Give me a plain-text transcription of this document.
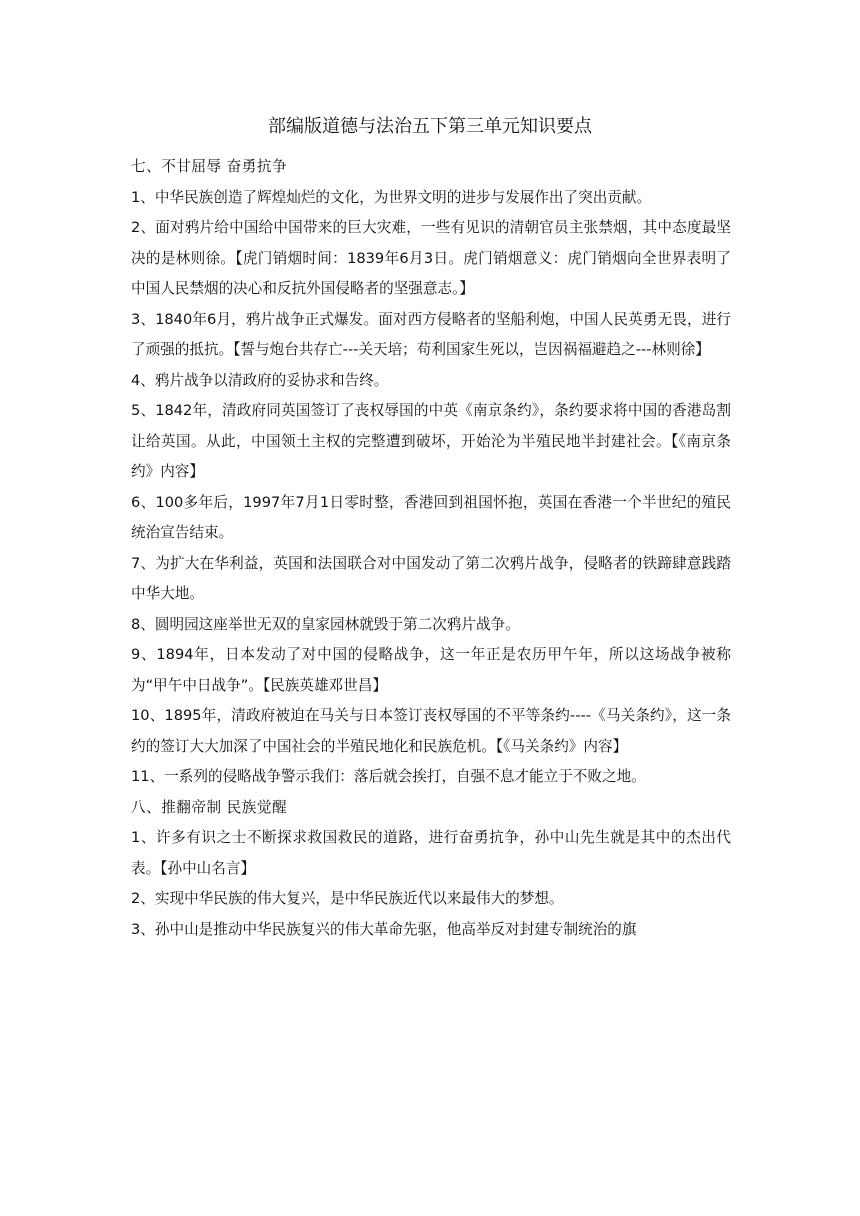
部编版道德与法治五下第三单元知识要点

七、不甘屈辱 奋勇抗争

1、中华民族创造了辉煌灿烂的文化，为世界文明的进步与发展作出了突出贡献。

2、面对鸦片给中国给中国带来的巨大灾难，一些有见识的清朝官员主张禁烟，其中态度最坚决的是林则徐。【虎门销烟时间：1839年6月3日。虎门销烟意义：虎门销烟向全世界表明了中国人民禁烟的决心和反抗外国侵略者的坚强意志。】

3、1840年6月，鸦片战争正式爆发。面对西方侵略者的坚船利炮，中国人民英勇无畏，进行了顽强的抵抗。【誓与炮台共存亡---关天培；苟利国家生死以，岂因祸福避趋之---林则徐】

4、鸦片战争以清政府的妥协求和告终。

5、1842年，清政府同英国签订了丧权辱国的中英《南京条约》，条约要求将中国的香港岛割让给英国。从此，中国领土主权的完整遭到破坏，开始沦为半殖民地半封建社会。【《南京条约》内容】

6、100多年后，1997年7月1日零时整，香港回到祖国怀抱，英国在香港一个半世纪的殖民统治宣告结束。

7、为扩大在华利益，英国和法国联合对中国发动了第二次鸦片战争，侵略者的铁蹄肆意践踏中华大地。

8、圆明园这座举世无双的皇家园林就毁于第二次鸦片战争。

9、1894年，日本发动了对中国的侵略战争，这一年正是农历甲午年，所以这场战争被称为“甲午中日战争”。【民族英雄邓世昌】

10、1895年，清政府被迫在马关与日本签订丧权辱国的不平等条约----《马关条约》，这一条约的签订大大加深了中国社会的半殖民地化和民族危机。【《马关条约》内容】

11、一系列的侵略战争警示我们：落后就会挨打，自强不息才能立于不败之地。

八、推翻帝制 民族觉醒

1、许多有识之士不断探求救国救民的道路，进行奋勇抗争，孙中山先生就是其中的杰出代表。【孙中山名言】

2、实现中华民族的伟大复兴，是中华民族近代以来最伟大的梦想。

3、孙中山是推动中华民族复兴的伟大革命先驱，他高举反对封建专制统治的旗
